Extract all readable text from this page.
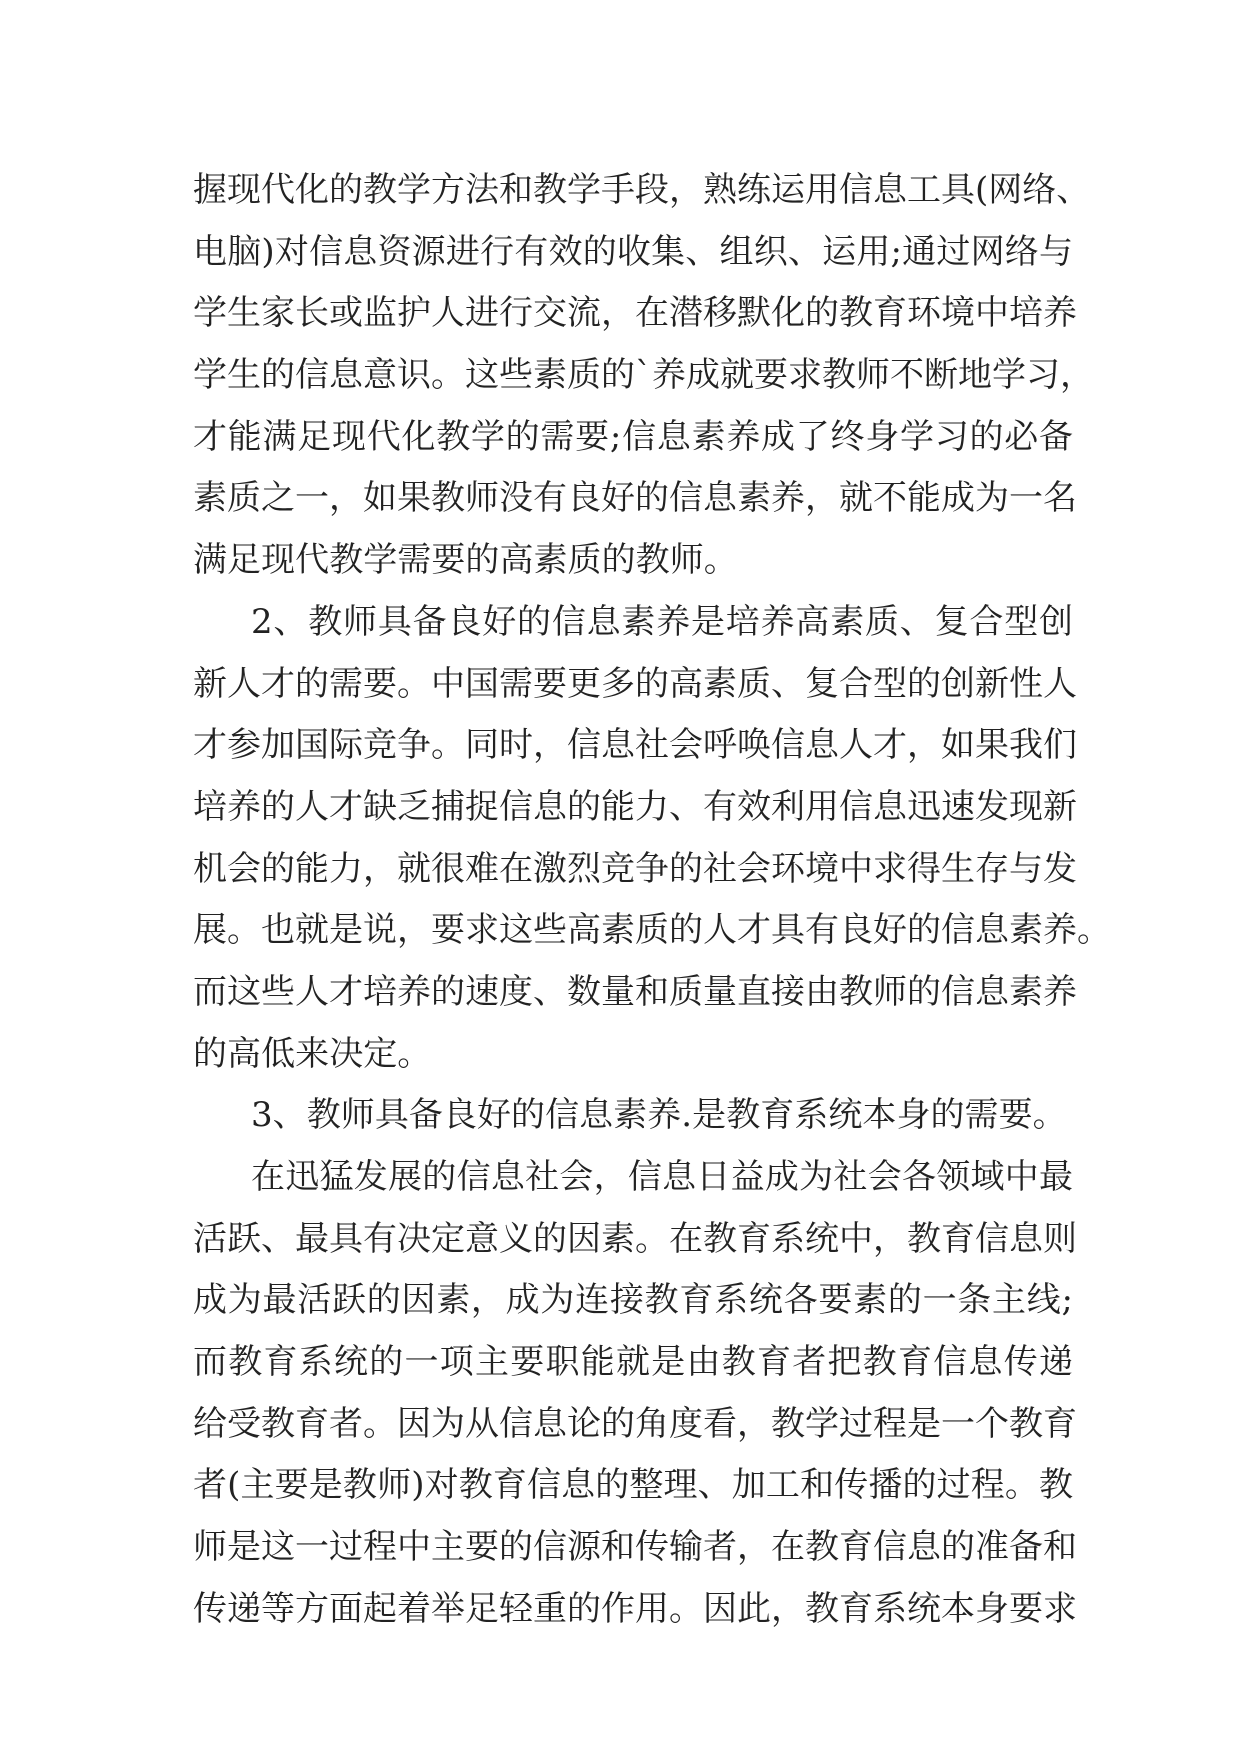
握现代化的教学方法和教学手段，熟练运用信息工具(网络、
电脑)对信息资源进行有效的收集、组织、运用;通过网络与
学生家长或监护人进行交流，在潜移默化的教育环境中培养
学生的信息意识。这些素质的`养成就要求教师不断地学习，
才能满足现代化教学的需要;信息素养成了终身学习的必备
素质之一，如果教师没有良好的信息素养，就不能成为一名
满足现代教学需要的高素质的教师。
2、教师具备良好的信息素养是培养高素质、复合型创
新人才的需要。中国需要更多的高素质、复合型的创新性人
才参加国际竞争。同时，信息社会呼唤信息人才，如果我们
培养的人才缺乏捕捉信息的能力、有效利用信息迅速发现新
机会的能力，就很难在激烈竞争的社会环境中求得生存与发
展。也就是说，要求这些高素质的人才具有良好的信息素养。
而这些人才培养的速度、数量和质量直接由教师的信息素养
的高低来决定。
3、教师具备良好的信息素养.是教育系统本身的需要。
在迅猛发展的信息社会，信息日益成为社会各领域中最
活跃、最具有决定意义的因素。在教育系统中，教育信息则
成为最活跃的因素，成为连接教育系统各要素的一条主线;
而教育系统的一项主要职能就是由教育者把教育信息传递
给受教育者。因为从信息论的角度看，教学过程是一个教育
者(主要是教师)对教育信息的整理、加工和传播的过程。教
师是这一过程中主要的信源和传输者，在教育信息的准备和
传递等方面起着举足轻重的作用。因此，教育系统本身要求
